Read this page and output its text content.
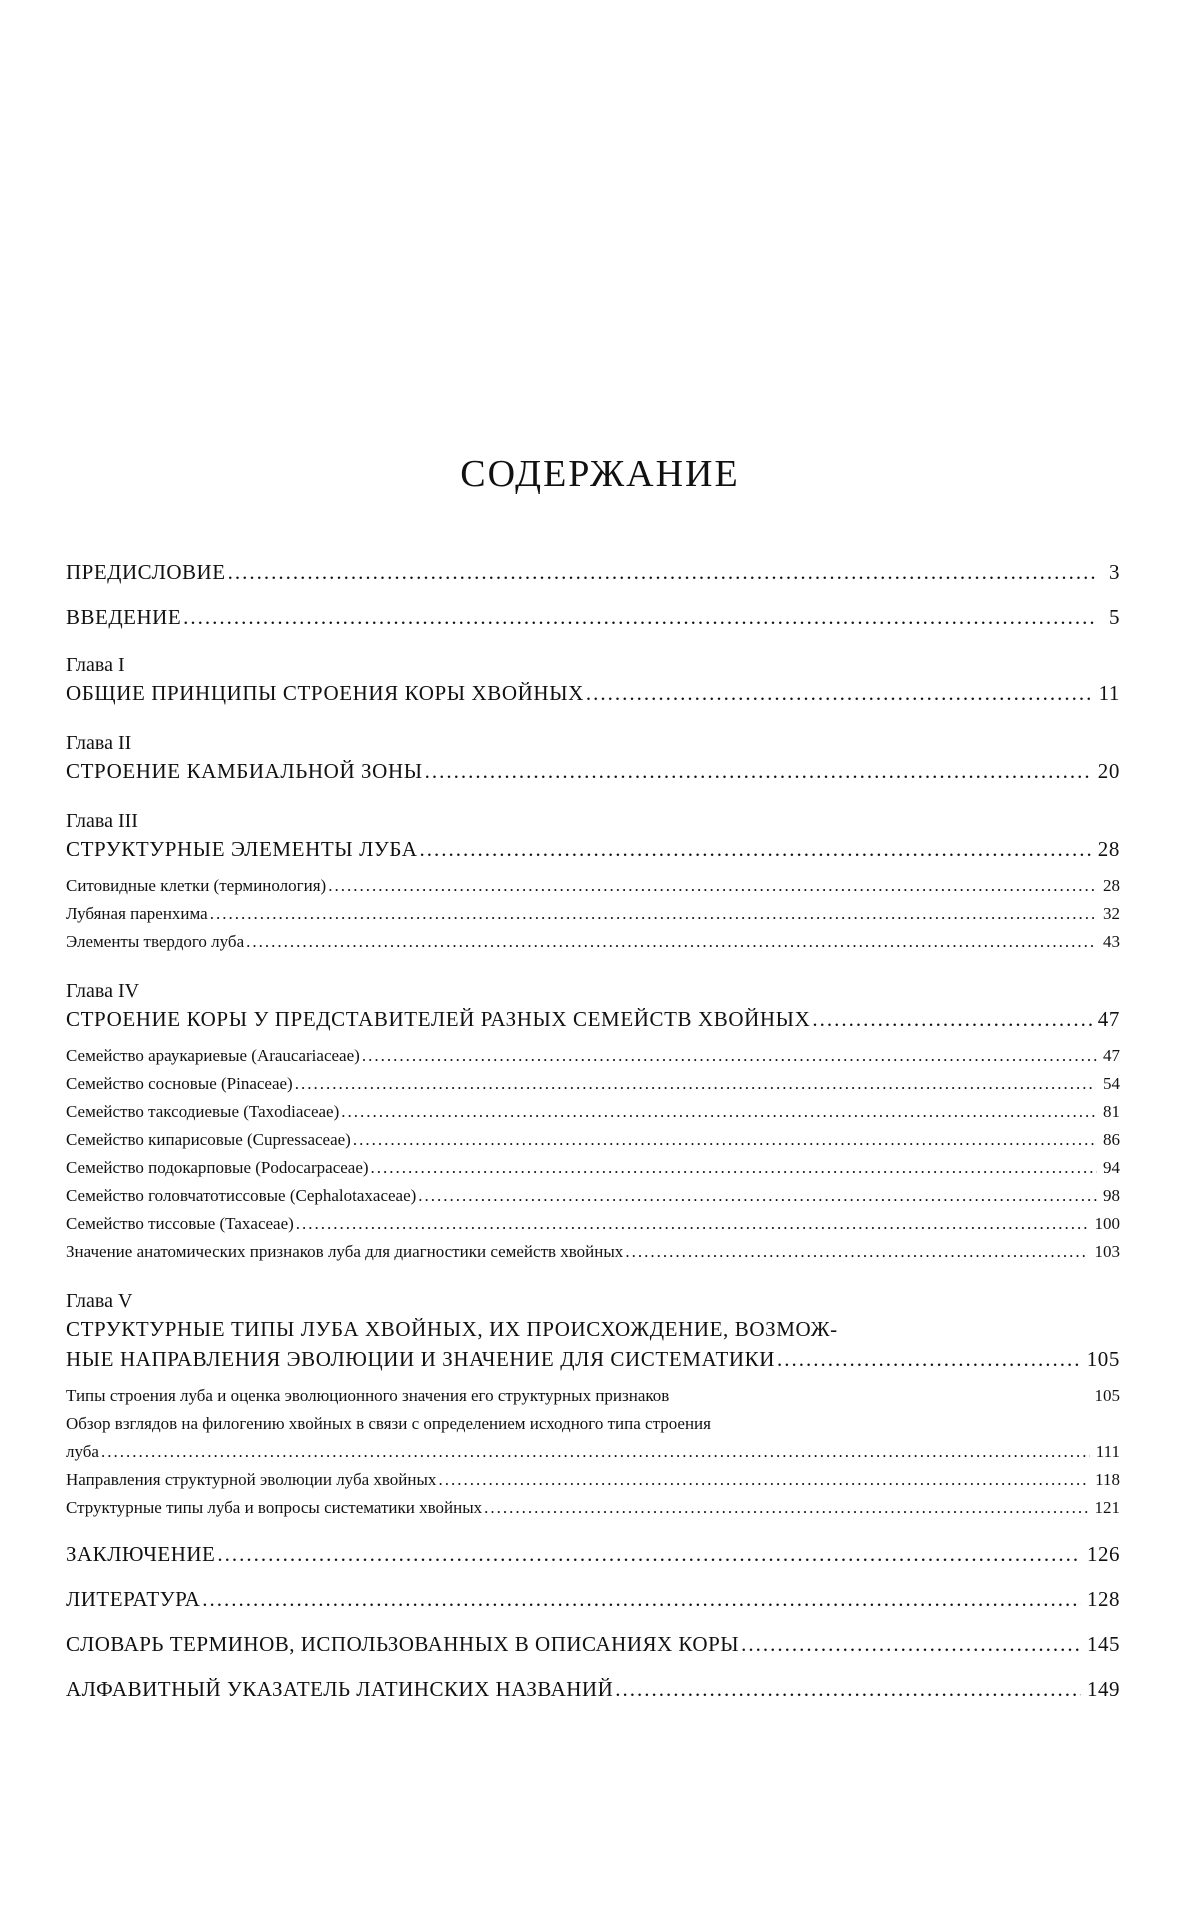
СОДЕРЖАНИЕ
ПРЕДИСЛОВИЕ .....	3
ВВЕДЕНИЕ .....	5
Глава I
ОБЩИЕ ПРИНЦИПЫ СТРОЕНИЯ КОРЫ ХВОЙНЫХ .....	11
Глава II
СТРОЕНИЕ КАМБИАЛЬНОЙ ЗОНЫ .....	20
Глава III
СТРУКТУРНЫЕ ЭЛЕМЕНТЫ ЛУБА .....	28
Ситовидные клетки (терминология) .....	28
Лубяная паренхима .....	32
Элементы твердого луба .....	43
Глава IV
СТРОЕНИЕ КОРЫ У ПРЕДСТАВИТЕЛЕЙ РАЗНЫХ СЕМЕЙСТВ ХВОЙНЫХ .....	47
Семейство араукариевые (Araucariaceae) .....	47
Семейство сосновые (Pinaceae) .....	54
Семейство таксодиевые (Taxodiaceae) .....	81
Семейство кипарисовые (Cupressaceae) .....	86
Семейство подокарповые (Podocarpaceae) .....	94
Семейство головчатотиссовые (Cephalotaxaceae) .....	98
Семейство тиссовые (Taxaceae) .....	100
Значение анатомических признаков луба для диагностики семейств хвойных .....	103
Глава V
СТРУКТУРНЫЕ ТИПЫ ЛУБА ХВОЙНЫХ, ИХ ПРОИСХОЖДЕНИЕ, ВОЗМОЖ-
НЫЕ НАПРАВЛЕНИЯ ЭВОЛЮЦИИ И ЗНАЧЕНИЕ ДЛЯ СИСТЕМАТИКИ .....	105
Типы строения луба и оценка эволюционного значения его структурных признаков	105
Обзор взглядов на филогению хвойных в связи с определением исходного типа строения
луба .....	111
Направления структурной эволюции луба хвойных .....	118
Структурные типы луба и вопросы систематики хвойных .....	121
ЗАКЛЮЧЕНИЕ .....	126
ЛИТЕРАТУРА .....	128
СЛОВАРЬ ТЕРМИНОВ, ИСПОЛЬЗОВАННЫХ В ОПИСАНИЯХ КОРЫ .....	145
АЛФАВИТНЫЙ УКАЗАТЕЛЬ ЛАТИНСКИХ НАЗВАНИЙ .....	149
